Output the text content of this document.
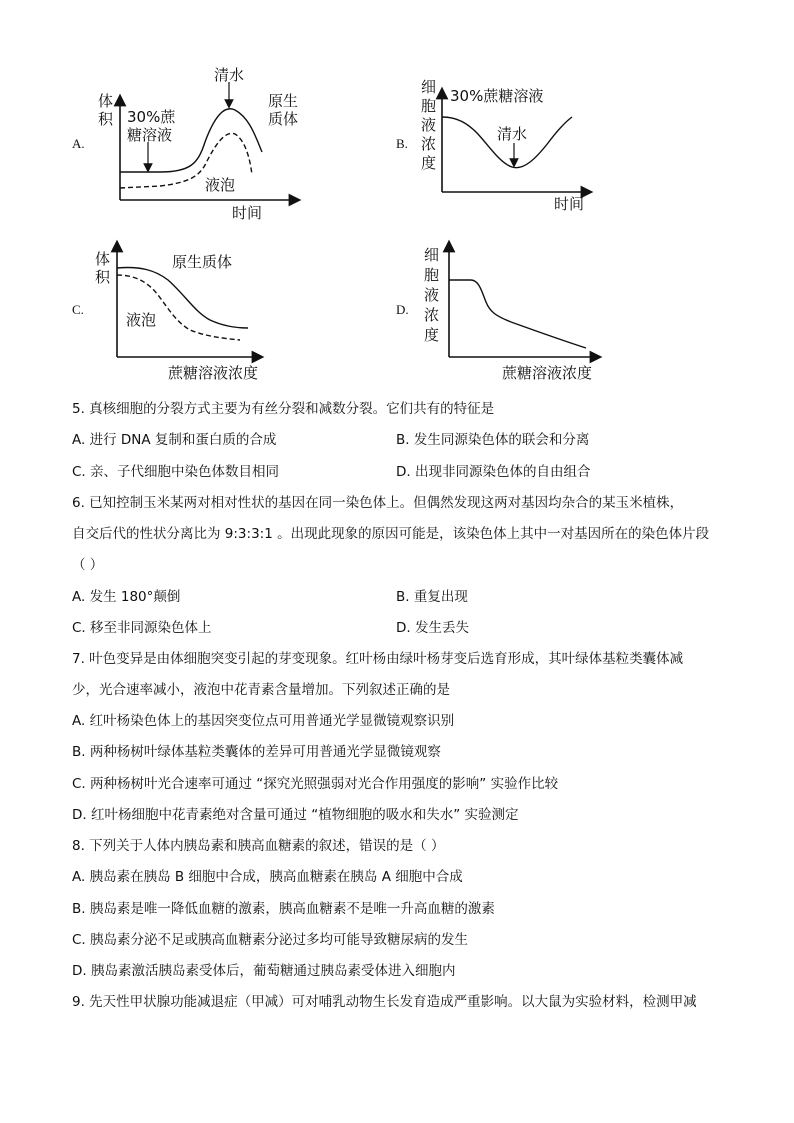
A.
体
积 30%蔗
糖溶液
清水
原生
质体
液泡
时间
B.
细
胞
液
浓
度
30%蔗糖溶液
清水
时间
C.
体
积
原生质体
液泡
蔗糖溶液浓度
D.
细
胞
液
浓
度
蔗糖溶液浓度
5. 真核细胞的分裂方式主要为有丝分裂和减数分裂。它们共有的特征是
A. 进行 DNA 复制和蛋白质的合成	B. 发生同源染色体的联会和分离
C. 亲、子代细胞中染色体数目相同	D. 出现非同源染色体的自由组合
6. 已知控制玉米某两对相对性状的基因在同一染色体上。但偶然发现这两对基因均杂合的某玉米植株，
自交后代的性状分离比为 9:3:3:1 。出现此现象的原因可能是，该染色体上其中一对基因所在的染色体片段
（ ）
A. 发生 180°颠倒	B. 重复出现
C. 移至非同源染色体上	D. 发生丢失
7. 叶色变异是由体细胞突变引起的芽变现象。红叶杨由绿叶杨芽变后选育形成，其叶绿体基粒类囊体减
少，光合速率减小，液泡中花青素含量增加。下列叙述正确的是
A. 红叶杨染色体上的基因突变位点可用普通光学显微镜观察识别
B. 两种杨树叶绿体基粒类囊体的差异可用普通光学显微镜观察
C. 两种杨树叶光合速率可通过 “探究光照强弱对光合作用强度的影响” 实验作比较
D. 红叶杨细胞中花青素绝对含量可通过 “植物细胞的吸水和失水” 实验测定
8. 下列关于人体内胰岛素和胰高血糖素的叙述，错误的是（ ）
A. 胰岛素在胰岛 B 细胞中合成，胰高血糖素在胰岛 A 细胞中合成
B. 胰岛素是唯一降低血糖的激素，胰高血糖素不是唯一升高血糖的激素
C. 胰岛素分泌不足或胰高血糖素分泌过多均可能导致糖尿病的发生
D. 胰岛素激活胰岛素受体后，葡萄糖通过胰岛素受体进入细胞内
9. 先天性甲状腺功能减退症（甲减）可对哺乳动物生长发育造成严重影响。以大鼠为实验材料，检测甲减
